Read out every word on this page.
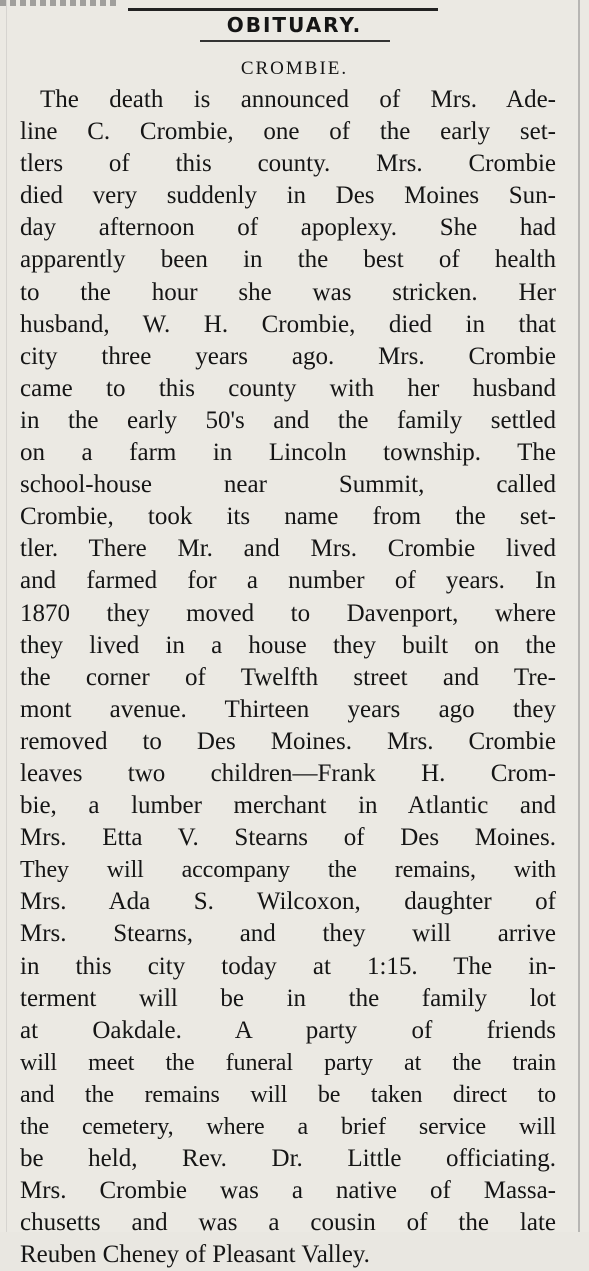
OBITUARY.
CROMBIE.
The death is announced of Mrs. Ade-
line C. Crombie, one of the early set-
tlers of this county. Mrs. Crombie
died very suddenly in Des Moines Sun-
day afternoon of apoplexy. She had
apparently been in the best of health
to the hour she was stricken. Her
husband, W. H. Crombie, died in that
city three years ago. Mrs. Crombie
came to this county with her husband
in the early 50's and the family settled
on a farm in Lincoln township. The
school-house near Summit, called
Crombie, took its name from the set-
tler. There Mr. and Mrs. Crombie lived
and farmed for a number of years. In
1870 they moved to Davenport, where
they lived in a house they built on the
the corner of Twelfth street and Tre-
mont avenue. Thirteen years ago they
removed to Des Moines. Mrs. Crombie
leaves two children—Frank H. Crom-
bie, a lumber merchant in Atlantic and
Mrs. Etta V. Stearns of Des Moines.
They will accompany the remains, with
Mrs. Ada S. Wilcoxon, daughter of
Mrs. Stearns, and they will arrive
in this city today at 1:15. The in-
terment will be in the family lot
at Oakdale. A party of friends
will meet the funeral party at the train
and the remains will be taken direct to
the cemetery, where a brief service will
be held, Rev. Dr. Little officiating.
Mrs. Crombie was a native of Massa-
chusetts and was a cousin of the late
Reuben Cheney of Pleasant Valley.
